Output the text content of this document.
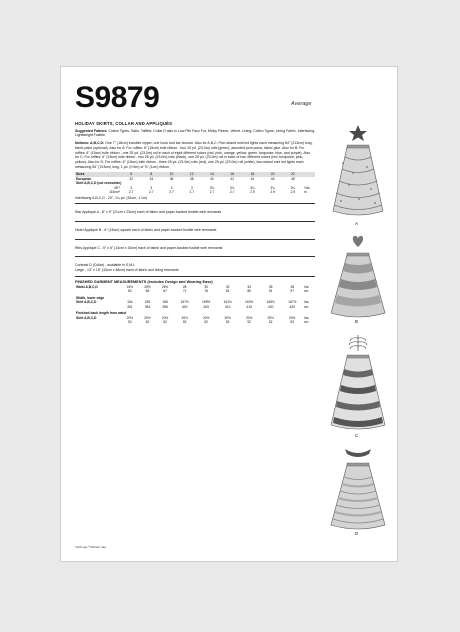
S9879	Average
HOLIDAY SKIRTS, COLLAR AND APPLIQUÉS
Suggested Fabrics: Cotton Types, Satin, Taffeta. Collar D also in Low Pile Faux Fur, Minky Fleece, Velvet. Lining: Cotton Types, Lining Fabric. Interfacing: Lightweight Fusible.
Notions: A,B,C,D: One 7" (18cm) invisible zipper, one hook and bar closure. Also for A,B,C: Five-strand mini led lights each measuring 84" (213cm) long, fabric paint (optional). Also for A: For ruffles: 6" (15cm) tulle ribbon - four 25 yd. (23.0m) rolls (green), assorted pom poms, fabric glue. Also for B: For ruffles: 6" (15cm) tulle ribbon - one 25 yd. (23.0m) roll in each of eight different colors (red, pink, orange, yellow, green, turquoise, blue, and purple). Also for C: For ruffles: 6" (15cm) tulle ribbon - two 25 yd. (23.0m) rolls (black), one 25 yd. (23.0m) roll in each of four different colors (red, turquoise, pink, yellow). Also for D: For ruffles: 6" (15cm) tulle ribbon - three 25 yd. (23.0m) rolls (red), one 25 yd. (23.0m) roll (white), two-strand mini led lights each measuring 84" (213cm) long, 1 yd. (0.9m) of ¾" (1cm) ribbon.
Sizes	6	8	10	12	14	16	18	20	22	
European	32	34	36	38	40	42	44	46	48	
Skirt A,B,C,D (cut crosswise)										
45"*	3	3	3	3	3¼	3¼	3¼	3¼	3¼	Yds.
115cm*	2.7	2.7	2.7	2.7	2.7	2.7	2.9	2.9	2.9	m
Interfacing A,B,C,D - 20", 1¼ yd. (51cm, 1.1m)
Star Appliqué A - 8" x 9" (21cm x 23cm) each of fabric and paper-backed fusible web remnants
Heart Appliqué B - 6" (15cm) square each of fabric and paper-backed fusible web remnants
Ribs Appliqué C - 5" x 6" (13cm x 15cm) each of fabric and paper-backed fusible web remnants
Contrast D (Collar) - available in S,M,L
Large - 13" x 15" (33cm x 38cm) each of fabric and lining remnants
FINISHED GARMENT MEASUREMENTS (Includes Design and Wearing Ease)
Waist A,B,C,D	24½	25½	26½	28	30	32	34	36	38	Ins.
	62	65	67	71	76	81	86	91	97	cm
Width, lower edge										
Skirt A,B,C,D	154	155	156	157½	159½	161½	163½	165½	167½	Ins.
	391	394	396	400	405	410	415	420	425	cm
Finished back length from waist										
Skirt A,B,C,D	20½	20½	20½	20½	20½	20½	20½	20½	20½	Ins.
	52	52	52	52	52	52	52	52	52	cm
*with nap **without nap
A
B
C
D
